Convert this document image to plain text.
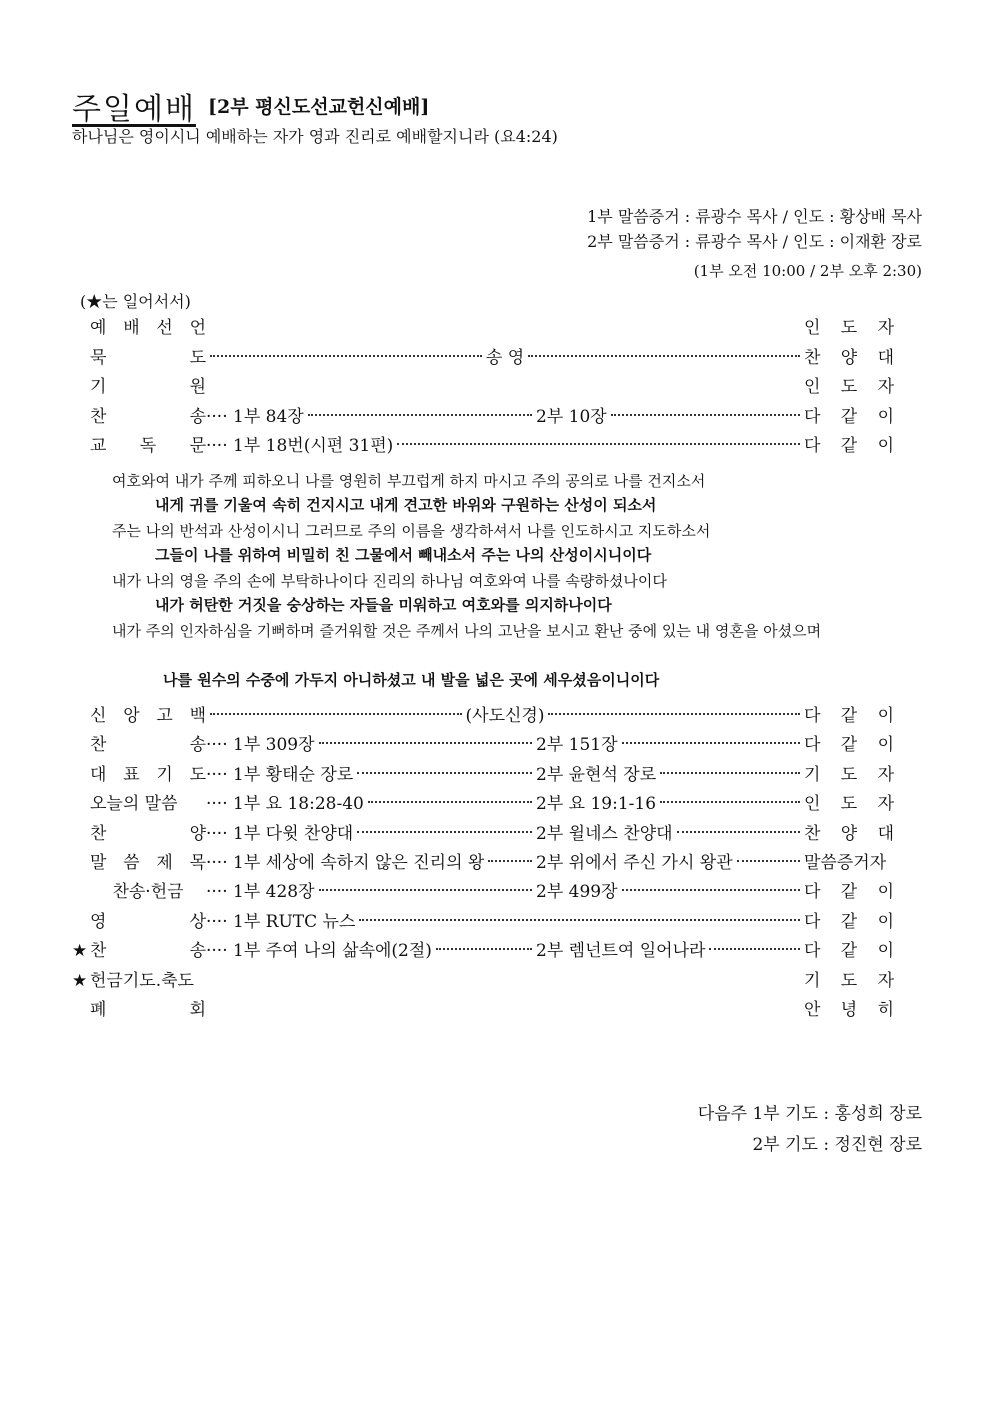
주일예배 [2부 평신도선교헌신예배]
하나님은 영이시니 예배하는 자가 영과 진리로 예배할지니라 (요4:24)
1부 말씀증거 : 류광수 목사 / 인도 : 황상배 목사
2부 말씀증거 : 류광수 목사 / 인도 : 이재환 장로
(1부 오전 10:00 / 2부 오후 2:30)
(★는 일어서서)
예 배 선 언	인 도 자
묵	도	송 영	찬 양 대
기	원	인 도 자
찬	송 ···· 1부 84장	2부 10장	다 같 이
교 독 문 ···· 1부 18번(시편 31편)	다 같 이
여호와여 내가 주께 피하오니 나를 영원히 부끄럽게 하지 마시고 주의 공의로 나를 건지소서
내게 귀를 기울여 속히 건지시고 내게 견고한 바위와 구원하는 산성이 되소서
주는 나의 반석과 산성이시니 그러므로 주의 이름을 생각하셔서 나를 인도하시고 지도하소서
그들이 나를 위하여 비밀히 친 그물에서 빼내소서 주는 나의 산성이시니이다
내가 나의 영을 주의 손에 부탁하나이다 진리의 하나님 여호와여 나를 속량하셨나이다
내가 허탄한 거짓을 숭상하는 자들을 미워하고 여호와를 의지하나이다
내가 주의 인자하심을 기뻐하며 즐거워할 것은 주께서 나의 고난을 보시고 환난 중에 있는 내 영혼을 아셨으며
나를 원수의 수중에 가두지 아니하셨고 내 발을 넓은 곳에 세우셨음이니이다
신 앙 고 백	(사도신경)	다 같 이
찬	송 ···· 1부 309장	2부 151장	다 같 이
대 표 기 도 ···· 1부 황태순 장로	2부 윤현석 장로	기 도 자
오늘의 말씀 ···· 1부 요 18:28-40	2부 요 19:1-16	인 도 자
찬	양 ···· 1부 다윗 찬양대	2부 윌네스 찬양대	찬 양 대
말 씀 제 목 ···· 1부 세상에 속하지 않은 진리의 왕	2부 위에서 주신 가시 왕관	말씀증거자
찬송·헌금 ···· 1부 428장	2부 499장	다 같 이
영	상 ···· 1부 RUTC 뉴스	다 같 이
★ 찬	송 ···· 1부 주여 나의 삶속에(2절)	2부 렘넌트여 일어나라	다 같 이
★ 헌금기도.축도	기 도 자
폐	회	안 녕 히
다음주 1부 기도 : 홍성희 장로
2부 기도 : 정진현 장로
